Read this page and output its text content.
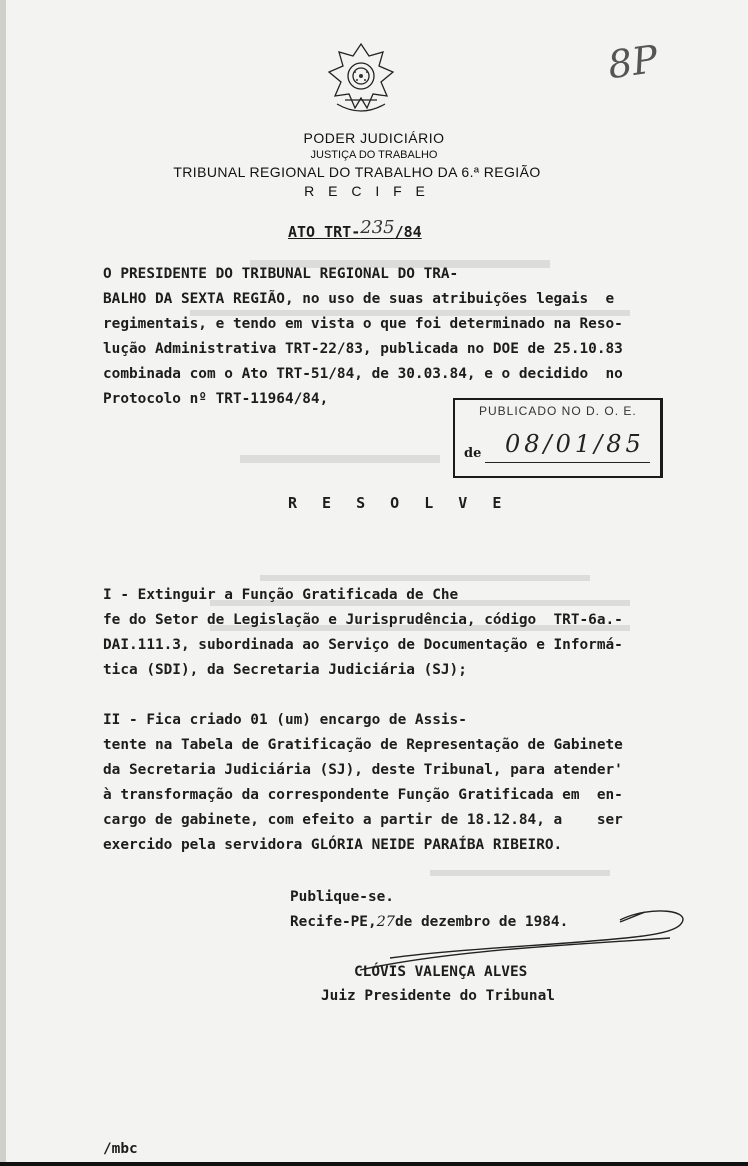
PODER JUDICIÁRIO
JUSTIÇA DO TRABALHO
TRIBUNAL REGIONAL DO TRABALHO DA 6.ª REGIÃO
R E C I F E
8P
ATO TRT-235/84
O PRESIDENTE DO TRIBUNAL REGIONAL DO TRA-
BALHO DA SEXTA REGIÃO, no uso de suas atribuições legais  e
regimentais, e tendo em vista o que foi determinado na Reso-
lução Administrativa TRT-22/83, publicada no DOE de 25.10.83
combinada com o Ato TRT-51/84, de 30.03.84, e o decidido  no
Protocolo nº TRT-11964/84,
PUBLICADO NO D. O. E.
de 08/01/85
R E S O L V E
I - Extinguir a Função Gratificada de Che
fe do Setor de Legislação e Jurisprudência, código  TRT-6a.-
DAI.111.3, subordinada ao Serviço de Documentação e Informá-
tica (SDI), da Secretaria Judiciária (SJ);
II - Fica criado 01 (um) encargo de Assis-
tente na Tabela de Gratificação de Representação de Gabinete
da Secretaria Judiciária (SJ), deste Tribunal, para atender'
à transformação da correspondente Função Gratificada em  en-
cargo de gabinete, com efeito a partir de 18.12.84, a    ser
exercido pela servidora GLÓRIA NEIDE PARAÍBA RIBEIRO.
Publique-se.
Recife-PE,27de dezembro de 1984.
CLÓVIS VALENÇA ALVES
Juiz Presidente do Tribunal
/mbc
